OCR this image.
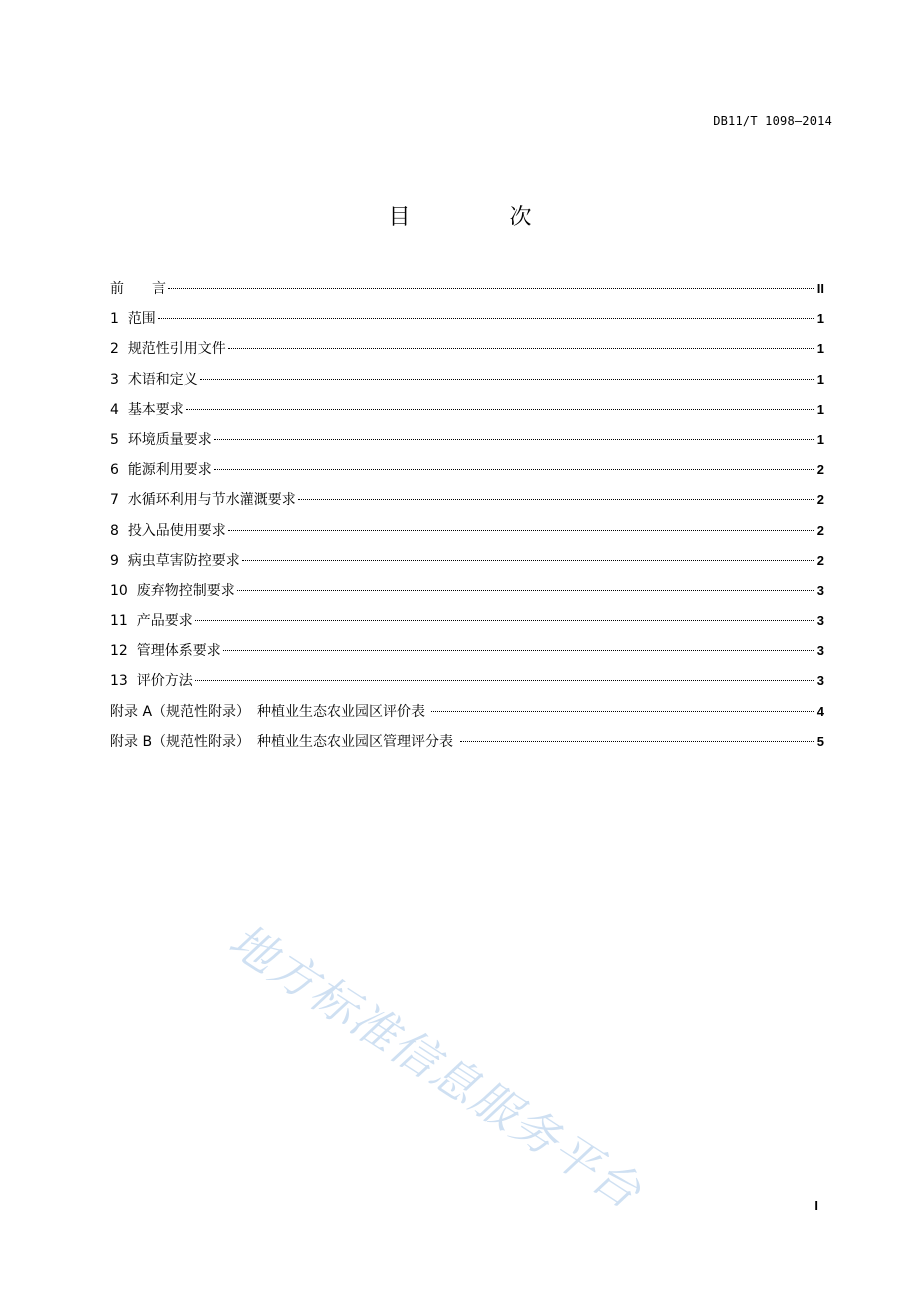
DB11/T 1098—2014
目 次
前　　言	II
1 范围	1
2 规范性引用文件	1
3 术语和定义	1
4 基本要求	1
5 环境质量要求	1
6 能源利用要求	2
7 水循环利用与节水灌溉要求	2
8 投入品使用要求	2
9 病虫草害防控要求	2
10 废弃物控制要求	3
11 产品要求	3
12 管理体系要求	3
13 评价方法	3
附录 A（规范性附录）　种植业生态农业园区评价表	4
附录 B（规范性附录）　种植业生态农业园区管理评分表	5
地方标准信息服务平台	I
